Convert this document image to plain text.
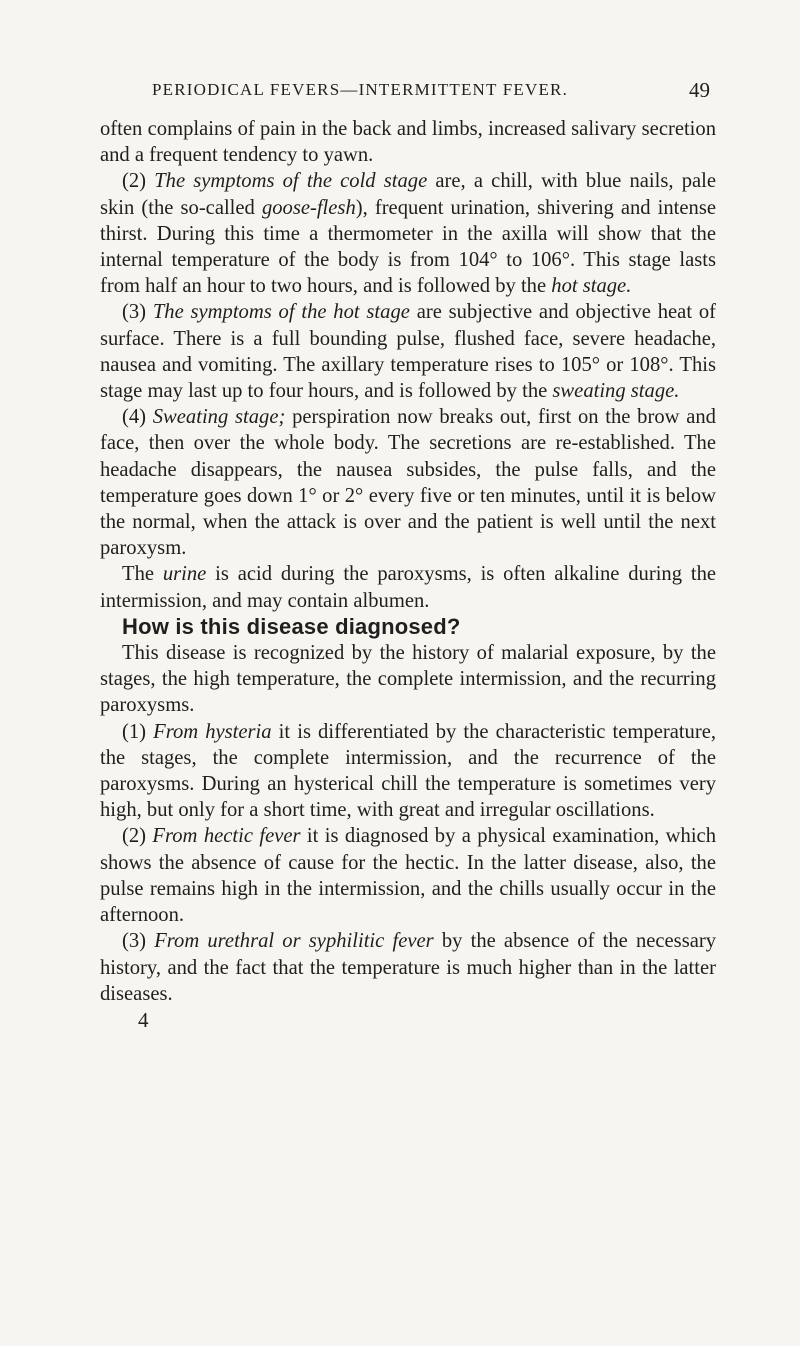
PERIODICAL FEVERS—INTERMITTENT FEVER.	49

often complains of pain in the back and limbs, increased salivary secretion and a frequent tendency to yawn.

(2) The symptoms of the cold stage are, a chill, with blue nails, pale skin (the so-called goose-flesh), frequent urination, shivering and intense thirst. During this time a thermometer in the axilla will show that the internal temperature of the body is from 104° to 106°. This stage lasts from half an hour to two hours, and is followed by the hot stage.

(3) The symptoms of the hot stage are subjective and objective heat of surface. There is a full bounding pulse, flushed face, severe headache, nausea and vomiting. The axillary temperature rises to 105° or 108°. This stage may last up to four hours, and is followed by the sweating stage.

(4) Sweating stage; perspiration now breaks out, first on the brow and face, then over the whole body. The secretions are re-established. The headache disappears, the nausea subsides, the pulse falls, and the temperature goes down 1° or 2° every five or ten minutes, until it is below the normal, when the attack is over and the patient is well until the next paroxysm.

The urine is acid during the paroxysms, is often alkaline during the intermission, and may contain albumen.

How is this disease diagnosed?

This disease is recognized by the history of malarial exposure, by the stages, the high temperature, the complete intermission, and the recurring paroxysms.

(1) From hysteria it is differentiated by the characteristic temperature, the stages, the complete intermission, and the recurrence of the paroxysms. During an hysterical chill the temperature is sometimes very high, but only for a short time, with great and irregular oscillations.

(2) From hectic fever it is diagnosed by a physical examination, which shows the absence of cause for the hectic. In the latter disease, also, the pulse remains high in the intermission, and the chills usually occur in the afternoon.

(3) From urethral or syphilitic fever by the absence of the necessary history, and the fact that the temperature is much higher than in the latter diseases.

4
